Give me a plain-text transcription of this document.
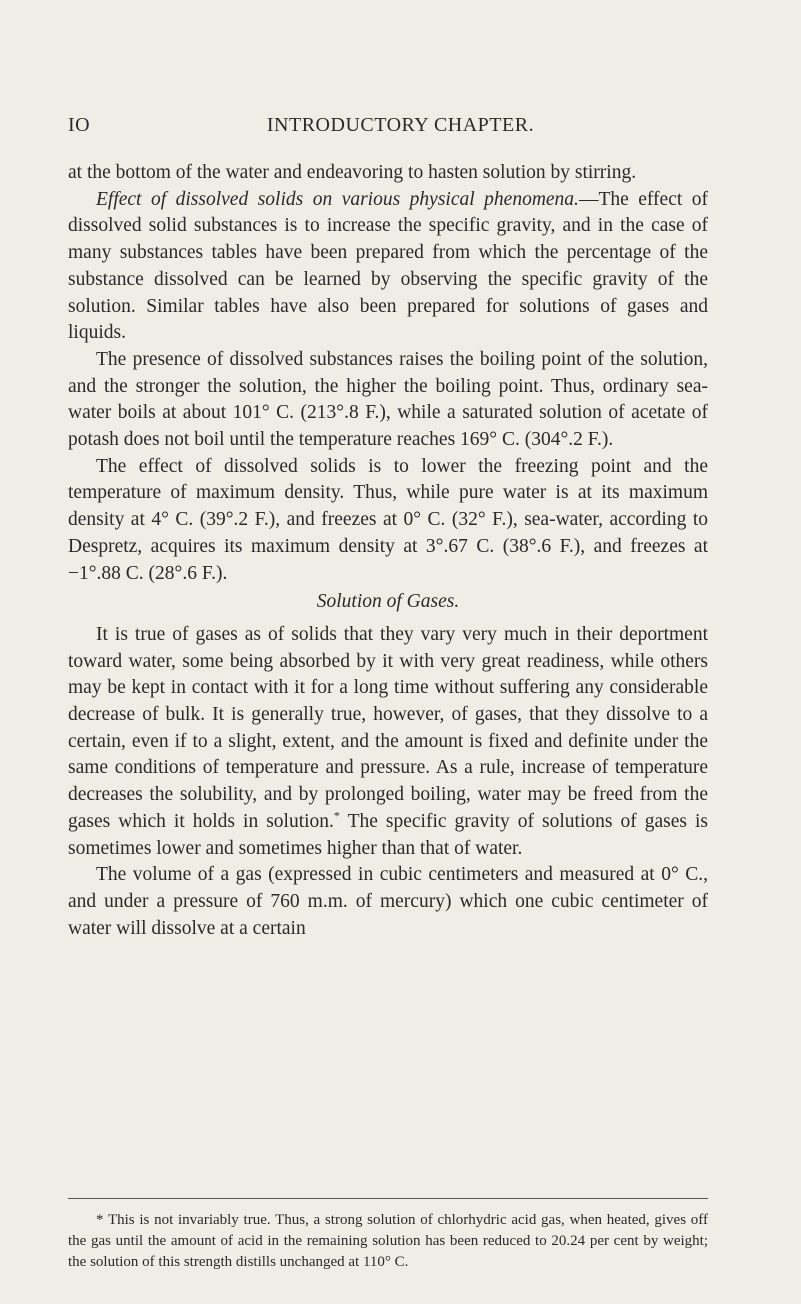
IO	INTRODUCTORY CHAPTER.

at the bottom of the water and endeavoring to hasten solution by stirring.

Effect of dissolved solids on various physical phenomena.—The effect of dissolved solid substances is to increase the specific gravity, and in the case of many substances tables have been prepared from which the percentage of the substance dissolved can be learned by observing the specific gravity of the solution. Similar tables have also been prepared for solutions of gases and liquids.

The presence of dissolved substances raises the boiling point of the solution, and the stronger the solution, the higher the boiling point. Thus, ordinary sea-water boils at about 101° C. (213°.8 F.), while a saturated solution of acetate of potash does not boil until the temperature reaches 169° C. (304°.2 F.).

The effect of dissolved solids is to lower the freezing point and the temperature of maximum density. Thus, while pure water is at its maximum density at 4° C. (39°.2 F.), and freezes at 0° C. (32° F.), sea-water, according to Despretz, acquires its maximum density at 3°.67 C. (38°.6 F.), and freezes at −1°.88 C. (28°.6 F.).

Solution of Gases.

It is true of gases as of solids that they vary very much in their deportment toward water, some being absorbed by it with very great readiness, while others may be kept in contact with it for a long time without suffering any considerable decrease of bulk. It is generally true, however, of gases, that they dissolve to a certain, even if to a slight, extent, and the amount is fixed and definite under the same conditions of temperature and pressure. As a rule, increase of temperature decreases the solubility, and by prolonged boiling, water may be freed from the gases which it holds in solution.* The specific gravity of solutions of gases is sometimes lower and sometimes higher than that of water.

The volume of a gas (expressed in cubic centimeters and measured at 0° C., and under a pressure of 760 m.m. of mercury) which one cubic centimeter of water will dissolve at a certain

* This is not invariably true. Thus, a strong solution of chlorhydric acid gas, when heated, gives off the gas until the amount of acid in the remaining solution has been reduced to 20.24 per cent by weight; the solution of this strength distills unchanged at 110° C.
